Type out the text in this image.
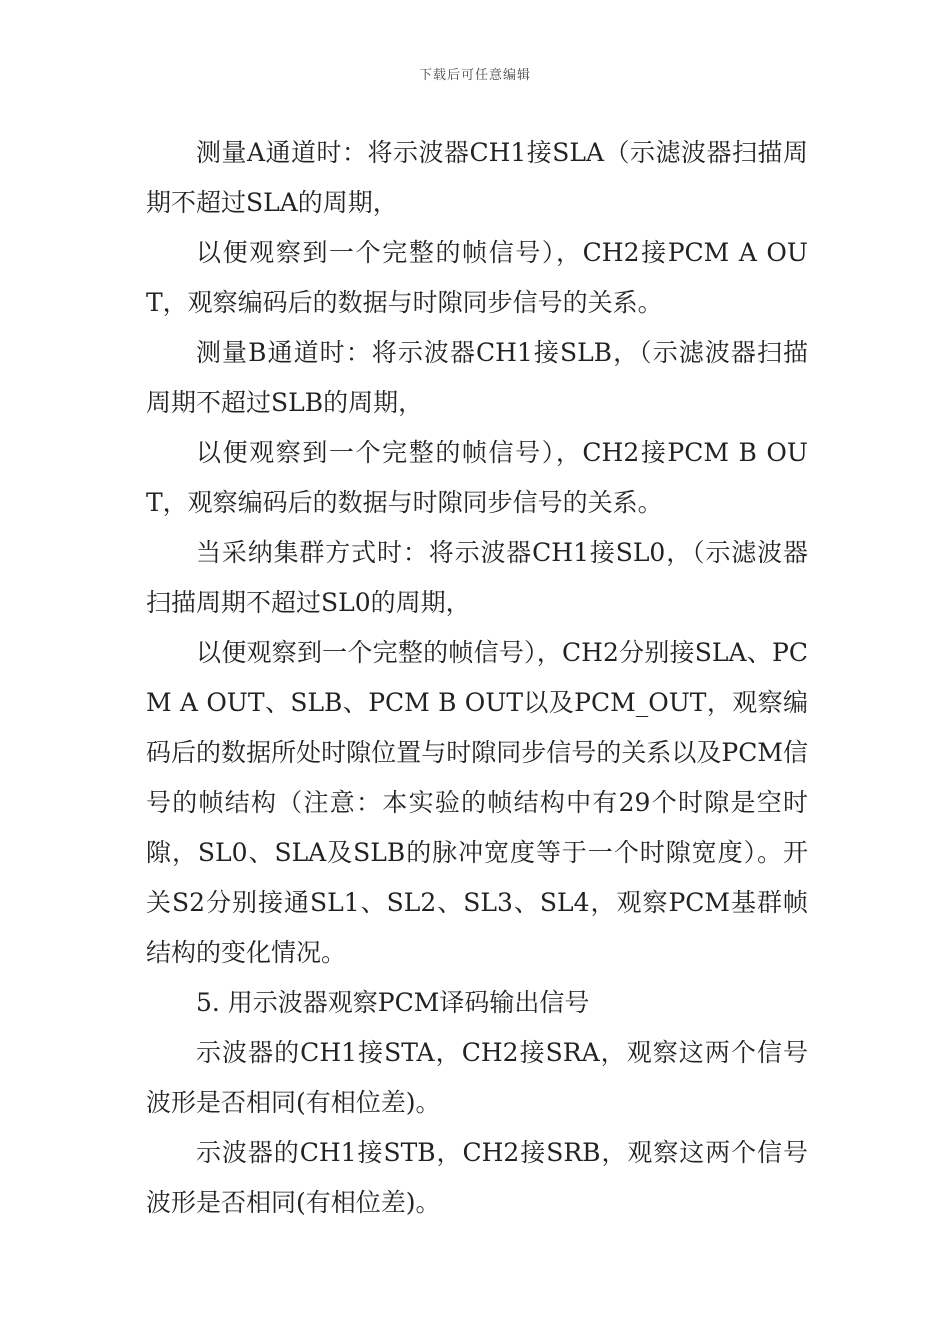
下载后可任意编辑

测量A通道时：将示波器CH1接SLA（示滤波器扫描周期不超过SLA的周期，

以便观察到一个完整的帧信号），CH2接PCM A OUT，观察编码后的数据与时隙同步信号的关系。

测量B通道时：将示波器CH1接SLB，（示滤波器扫描周期不超过SLB的周期，

以便观察到一个完整的帧信号），CH2接PCM B OUT，观察编码后的数据与时隙同步信号的关系。

当采纳集群方式时：将示波器CH1接SL0，（示滤波器扫描周期不超过SL0的周期，

以便观察到一个完整的帧信号），CH2分别接SLA、PCM A OUT、SLB、PCM B OUT以及PCM_OUT，观察编码后的数据所处时隙位置与时隙同步信号的关系以及PCM信号的帧结构（注意：本实验的帧结构中有29个时隙是空时隙，SL0、SLA及SLB的脉冲宽度等于一个时隙宽度）。开关S2分别接通SL1、SL2、SL3、SL4，观察PCM基群帧结构的变化情况。

5. 用示波器观察PCM译码输出信号

示波器的CH1接STA，CH2接SRA，观察这两个信号波形是否相同(有相位差)。

示波器的CH1接STB，CH2接SRB，观察这两个信号波形是否相同(有相位差)。
